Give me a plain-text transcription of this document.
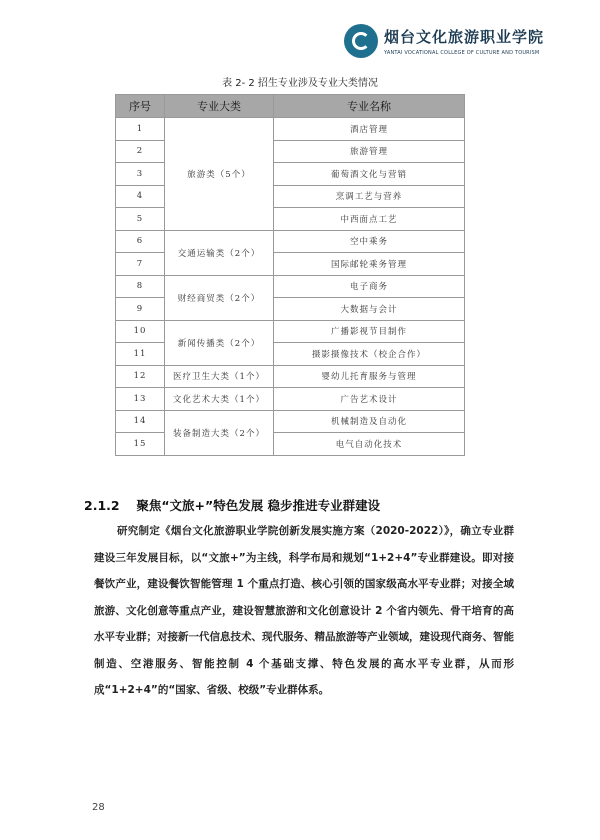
烟台文化旅游职业学院
YANTAI VOCATIONAL COLLEGE OF CULTURE AND TOURISM
表 2- 2 招生专业涉及专业大类情况
序号	专业大类	专业名称
1	旅游类（5个）	酒店管理
2		旅游管理
3		葡萄酒文化与营销
4		烹调工艺与营养
5		中西面点工艺
6	交通运输类（2个）	空中乘务
7		国际邮轮乘务管理
8	财经商贸类（2个）	电子商务
9		大数据与会计
10	新闻传播类（2个）	广播影视节目制作
11		摄影摄像技术（校企合作）
12	医疗卫生大类（1个）	婴幼儿托育服务与管理
13	文化艺术大类（1个）	广告艺术设计
14	装备制造大类（2个）	机械制造及自动化
15		电气自动化技术
2.1.2 聚焦“文旅+”特色发展 稳步推进专业群建设
研究制定《烟台文化旅游职业学院创新发展实施方案（2020-2022）》，确立专业群建设三年发展目标，以“文旅+”为主线，科学布局和规划“1+2+4”专业群建设。即对接餐饮产业，建设餐饮智能管理 1 个重点打造、核心引领的国家级高水平专业群；对接全域旅游、文化创意等重点产业，建设智慧旅游和文化创意设计 2 个省内领先、骨干培育的高水平专业群；对接新一代信息技术、现代服务、精品旅游等产业领域，建设现代商务、智能制造、空港服务、智能控制 4 个基础支撑、特色发展的高水平专业群，从而形成“1+2+4”的“国家、省级、校级”专业群体系。
28
